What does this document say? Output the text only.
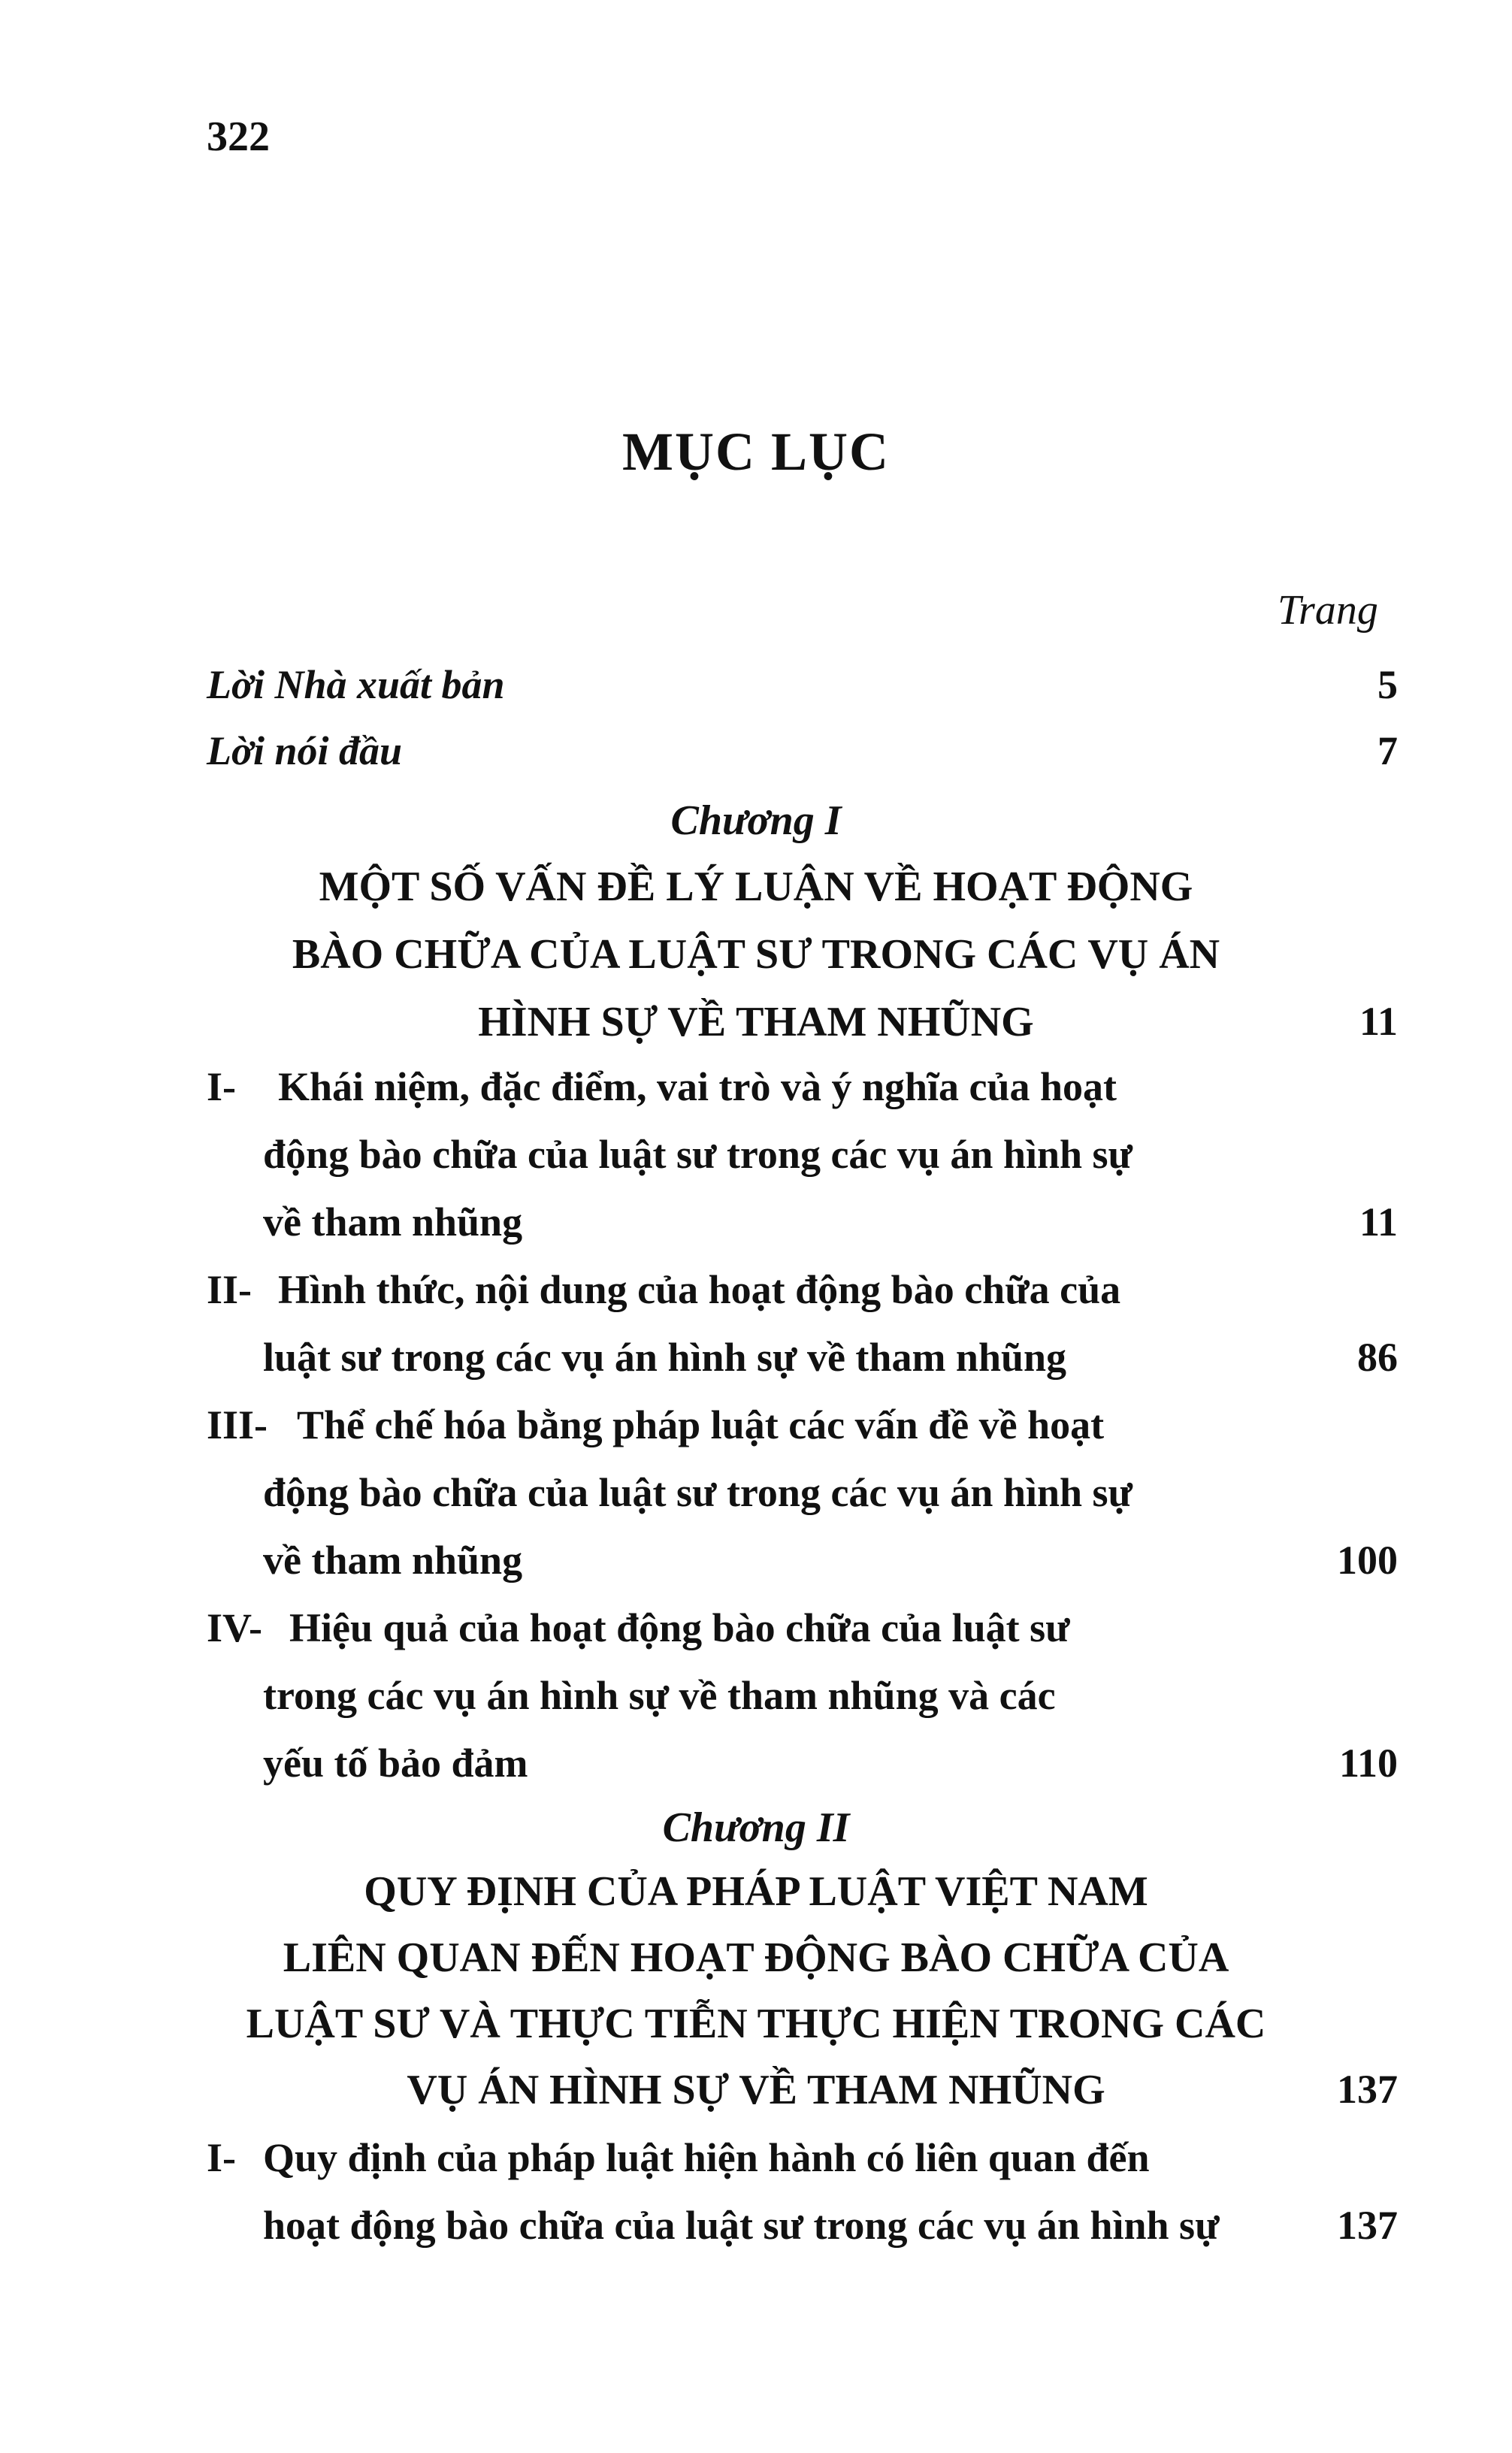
322
MỤC LỤC
Trang
Lời Nhà xuất bản	5
Lời nói đầu	7
Chương I
MỘT SỐ VẤN ĐỀ LÝ LUẬN VỀ HOẠT ĐỘNG
BÀO CHỮA CỦA LUẬT SƯ TRONG CÁC VỤ ÁN
HÌNH SỰ VỀ THAM NHŨNG	11
I- Khái niệm, đặc điểm, vai trò và ý nghĩa của hoạt
động bào chữa của luật sư trong các vụ án hình sự
về tham nhũng	11
II- Hình thức, nội dung của hoạt động bào chữa của
luật sư trong các vụ án hình sự về tham nhũng	86
III- Thể chế hóa bằng pháp luật các vấn đề về hoạt
động bào chữa của luật sư trong các vụ án hình sự
về tham nhũng	100
IV- Hiệu quả của hoạt động bào chữa của luật sư
trong các vụ án hình sự về tham nhũng và các
yếu tố bảo đảm	110
Chương II
QUY ĐỊNH CỦA PHÁP LUẬT VIỆT NAM
LIÊN QUAN ĐẾN HOẠT ĐỘNG BÀO CHỮA CỦA
LUẬT SƯ VÀ THỰC TIỄN THỰC HIỆN TRONG CÁC
VỤ ÁN HÌNH SỰ VỀ THAM NHŨNG	137
I- Quy định của pháp luật hiện hành có liên quan đến
hoạt động bào chữa của luật sư trong các vụ án hình sự	137
